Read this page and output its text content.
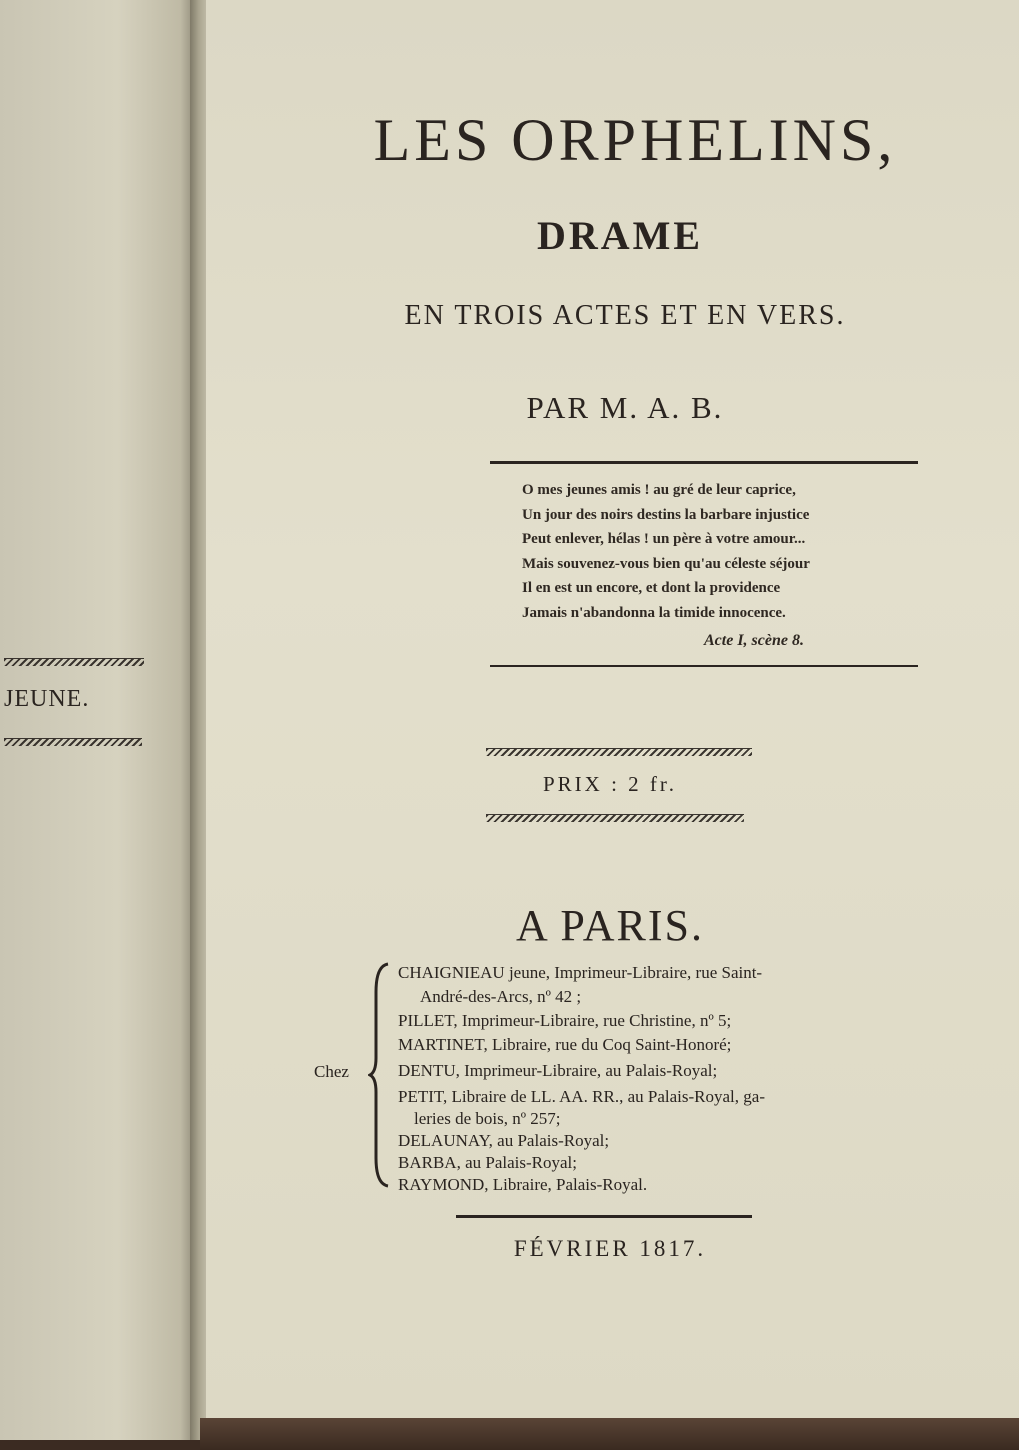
JEUNE.
LES ORPHELINS,
DRAME
EN TROIS ACTES ET EN VERS.
PAR M. A. B.
O mes jeunes amis ! au gré de leur caprice,
Un jour des noirs destins la barbare injustice
Peut enlever, hélas ! un père à votre amour...
Mais souvenez-vous bien qu'au céleste séjour
Il en est un encore, et dont la providence
Jamais n'abandonna la timide innocence.
Acte I, scène 8.
PRIX : 2 fr.
A PARIS.
Chez
CHAIGNIEAU jeune, Imprimeur-Libraire, rue Saint-
André-des-Arcs, nº 42 ;
PILLET, Imprimeur-Libraire, rue Christine, nº 5;
MARTINET, Libraire, rue du Coq Saint-Honoré;
DENTU, Imprimeur-Libraire, au Palais-Royal;
PETIT, Libraire de LL. AA. RR., au Palais-Royal, ga-
leries de bois, nº 257;
DELAUNAY, au Palais-Royal;
BARBA, au Palais-Royal;
RAYMOND, Libraire, Palais-Royal.
FÉVRIER 1817.
